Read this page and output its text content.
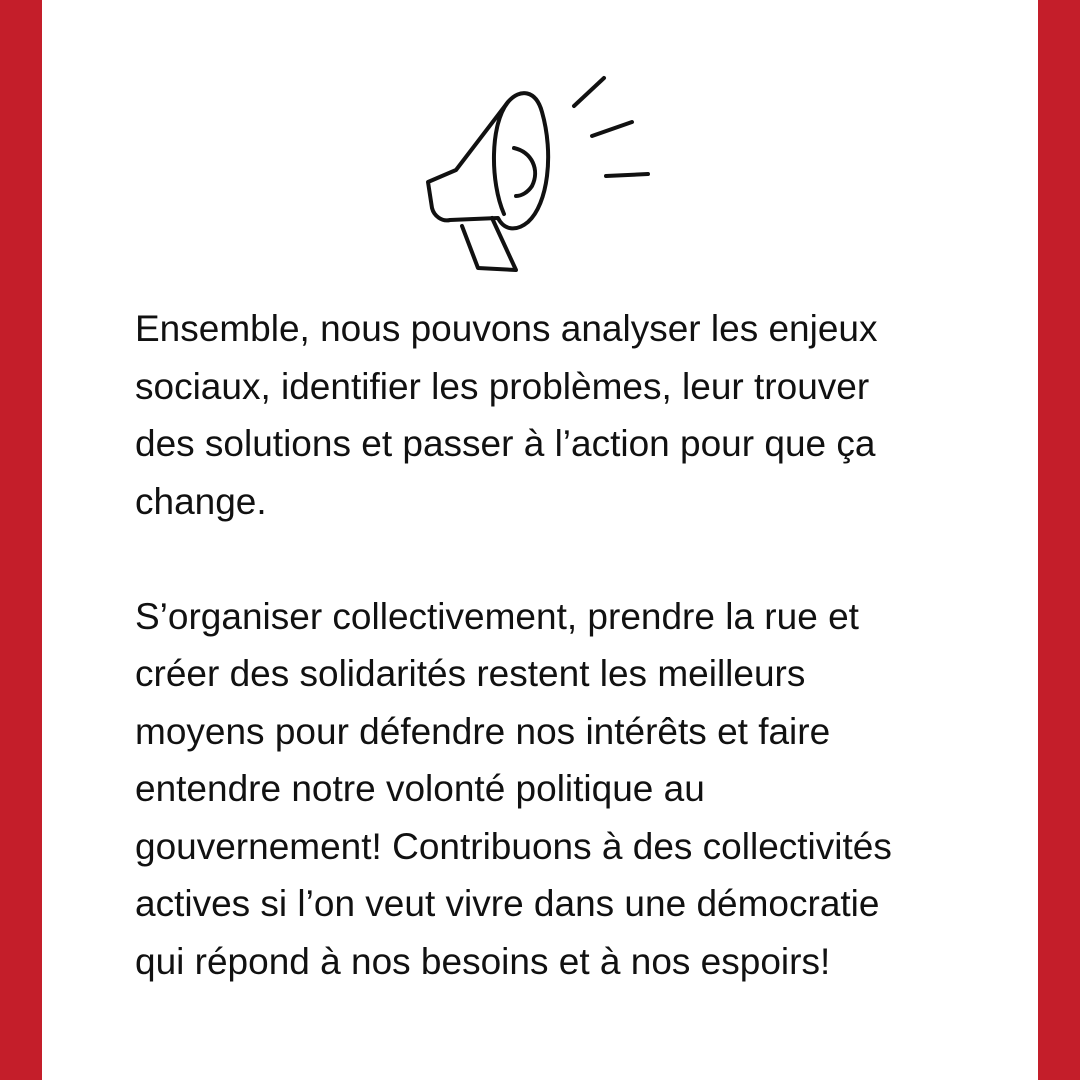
Ensemble, nous pouvons analyser les enjeux
sociaux, identifier les problèmes, leur trouver
des solutions et passer à l’action pour que ça
change.

S’organiser collectivement, prendre la rue et
créer des solidarités restent les meilleurs
moyens pour défendre nos intérêts et faire
entendre notre volonté politique au
gouvernement! Contribuons à des collectivités
actives si l’on veut vivre dans une démocratie
qui répond à nos besoins et à nos espoirs!
